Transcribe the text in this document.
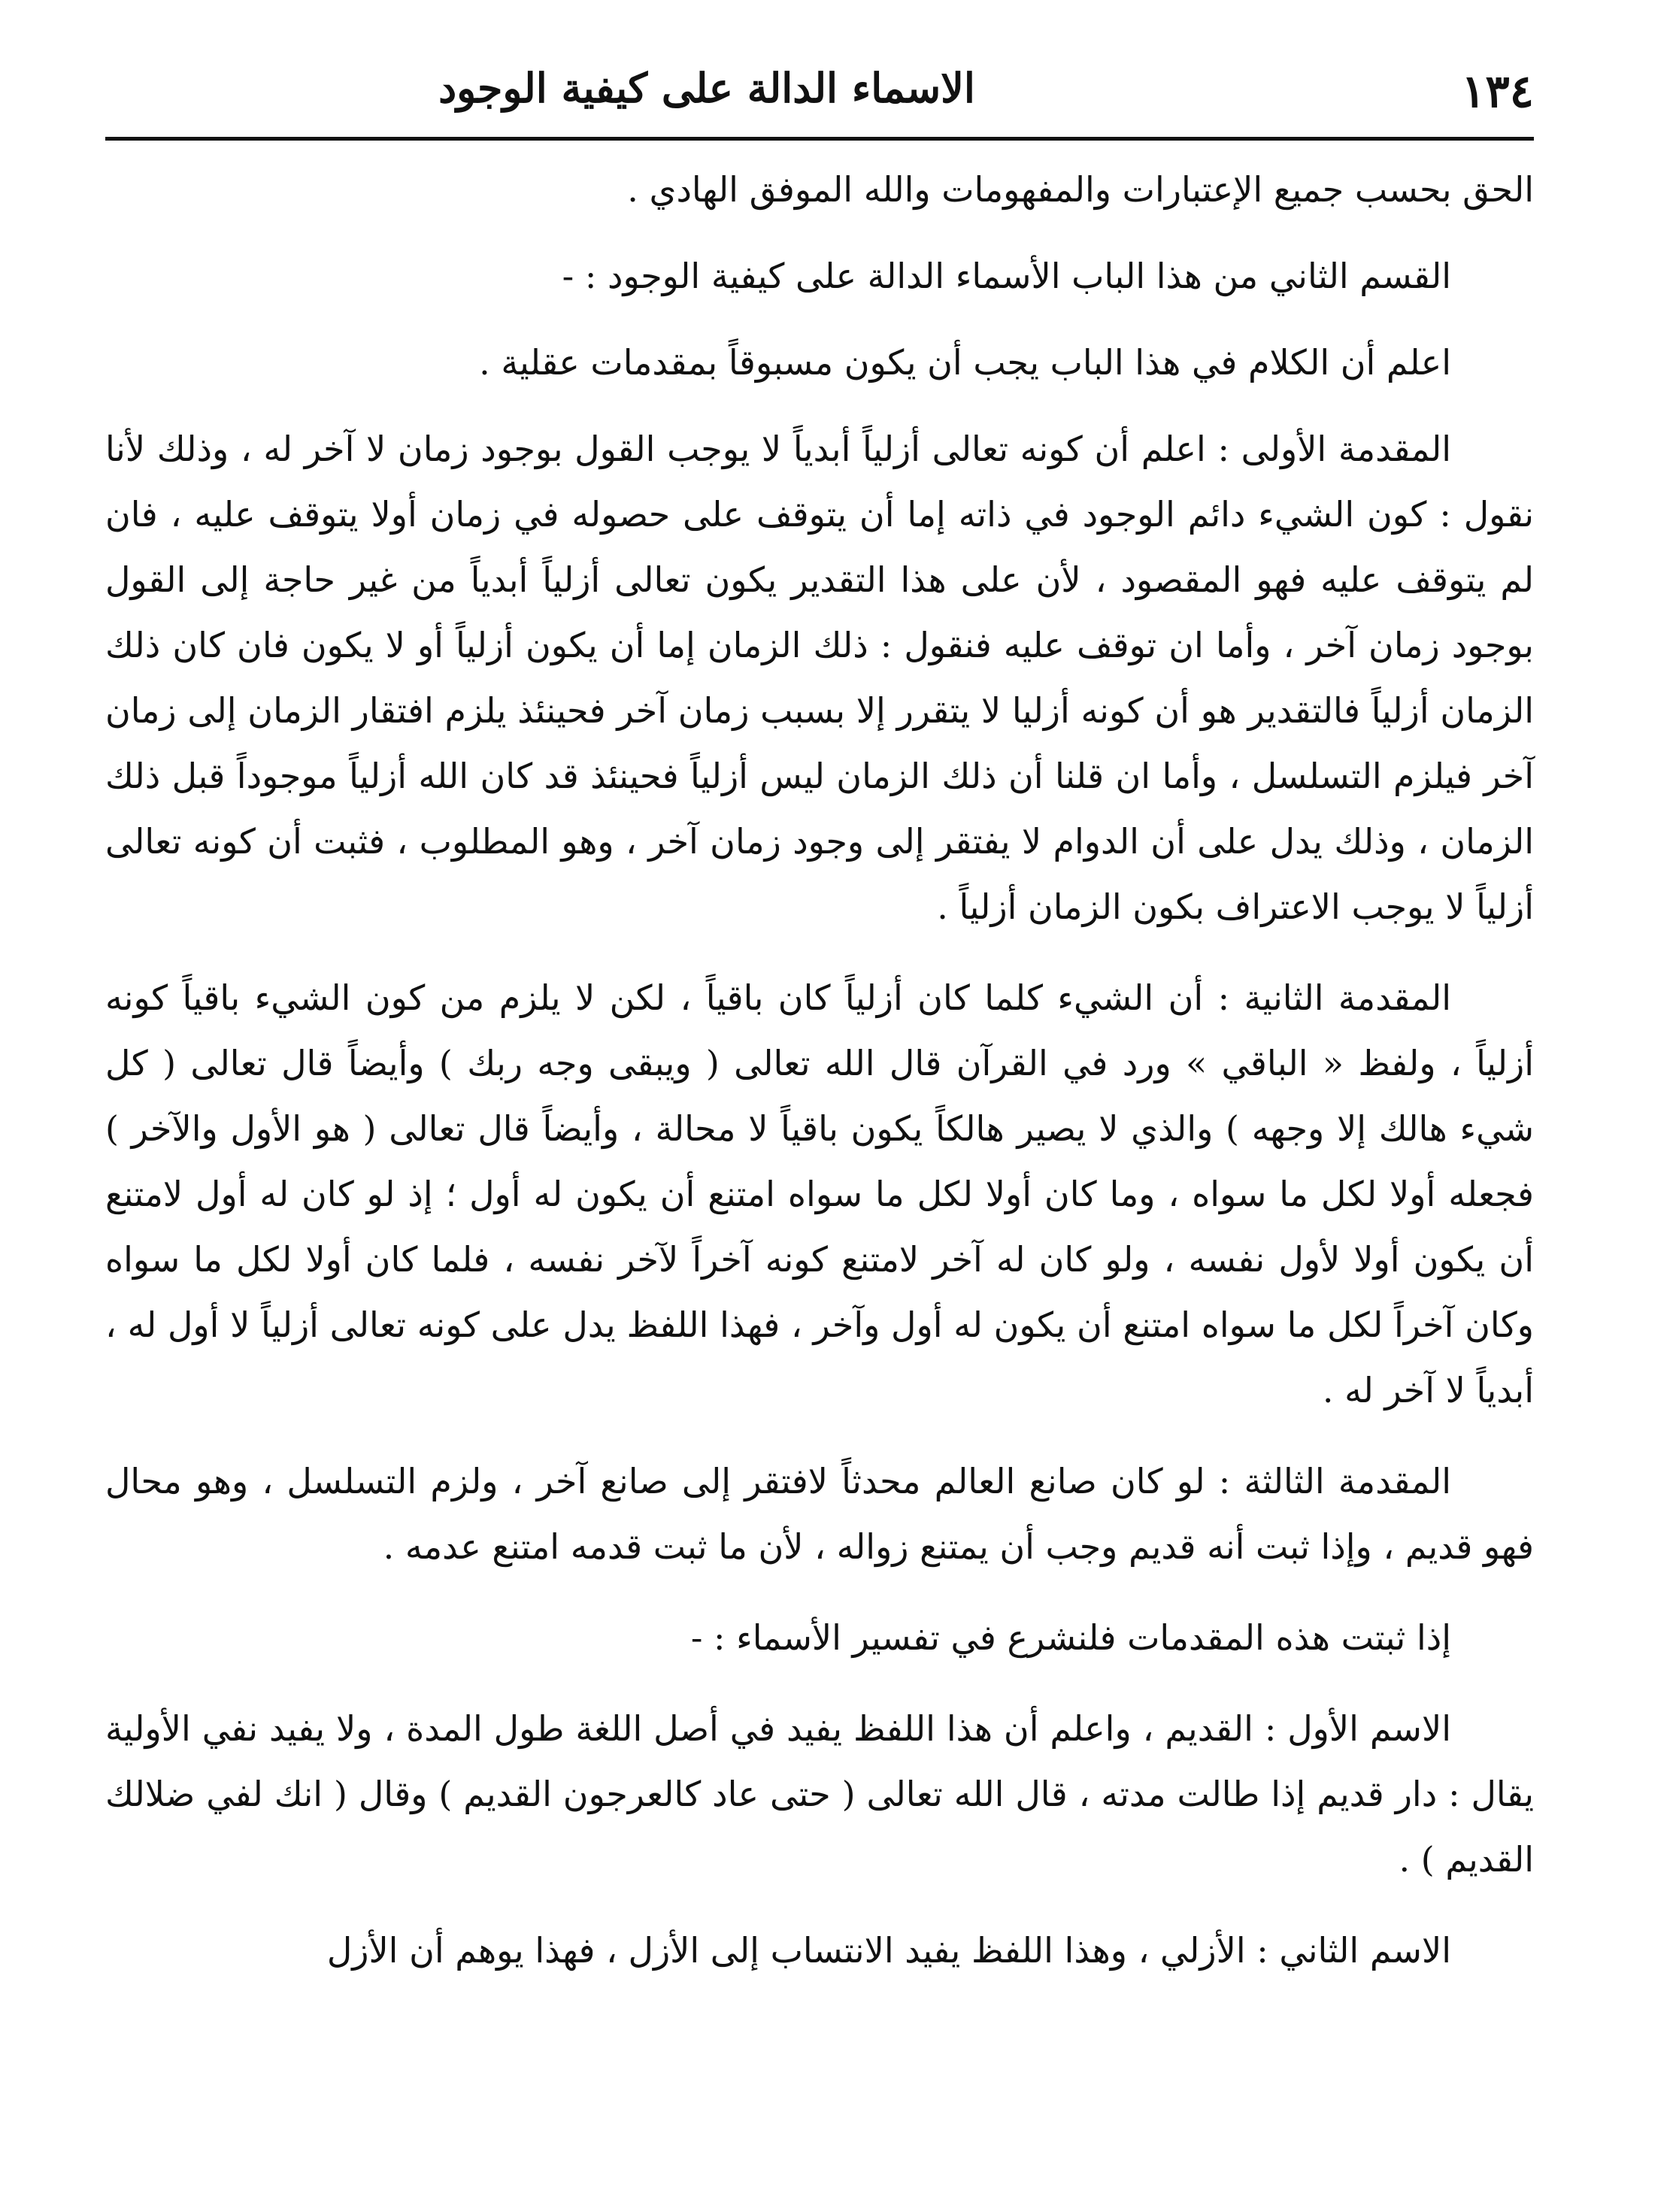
١٣٤
الاسماء الدالة على كيفية الوجود

الحق بحسب جميع الإعتبارات والمفهومات والله الموفق الهادي .

القسم الثاني من هذا الباب الأسماء الدالة على كيفية الوجود : -

اعلم أن الكلام في هذا الباب يجب أن يكون مسبوقاً بمقدمات عقلية .

المقدمة الأولى : اعلم أن كونه تعالى أزلياً أبدياً لا يوجب القول بوجود زمان لا آخر له ، وذلك لأنا نقول : كون الشيء دائم الوجود في ذاته إما أن يتوقف على حصوله في زمان أولا يتوقف عليه ، فان لم يتوقف عليه فهو المقصود ، لأن على هذا التقدير يكون تعالى أزلياً أبدياً من غير حاجة إلى القول بوجود زمان آخر ، وأما ان توقف عليه فنقول : ذلك الزمان إما أن يكون أزلياً أو لا يكون فان كان ذلك الزمان أزلياً فالتقدير هو أن كونه أزليا لا يتقرر إلا بسبب زمان آخر فحينئذ يلزم افتقار الزمان إلى زمان آخر فيلزم التسلسل ، وأما ان قلنا أن ذلك الزمان ليس أزلياً فحينئذ قد كان الله أزلياً موجوداً قبل ذلك الزمان ، وذلك يدل على أن الدوام لا يفتقر إلى وجود زمان آخر ، وهو المطلوب ، فثبت أن كونه تعالى أزلياً لا يوجب الاعتراف بكون الزمان أزلياً .

المقدمة الثانية : أن الشيء كلما كان أزلياً كان باقياً ، لكن لا يلزم من كون الشيء باقياً كونه أزلياً ، ولفظ « الباقي » ورد في القرآن قال الله تعالى ( ويبقى وجه ربك ) وأيضاً قال تعالى ( كل شيء هالك إلا وجهه ) والذي لا يصير هالكاً يكون باقياً لا محالة ، وأيضاً قال تعالى ( هو الأول والآخر ) فجعله أولا لكل ما سواه ، وما كان أولا لكل ما سواه امتنع أن يكون له أول ؛ إذ لو كان له أول لامتنع أن يكون أولا لأول نفسه ، ولو كان له آخر لامتنع كونه آخراً لآخر نفسه ، فلما كان أولا لكل ما سواه وكان آخراً لكل ما سواه امتنع أن يكون له أول وآخر ، فهذا اللفظ يدل على كونه تعالى أزلياً لا أول له ، أبدياً لا آخر له .

المقدمة الثالثة : لو كان صانع العالم محدثاً لافتقر إلى صانع آخر ، ولزم التسلسل ، وهو محال فهو قديم ، وإذا ثبت أنه قديم وجب أن يمتنع زواله ، لأن ما ثبت قدمه امتنع عدمه .

إذا ثبتت هذه المقدمات فلنشرع في تفسير الأسماء : -

الاسم الأول : القديم ، واعلم أن هذا اللفظ يفيد في أصل اللغة طول المدة ، ولا يفيد نفي الأولية يقال : دار قديم إذا طالت مدته ، قال الله تعالى ( حتى عاد كالعرجون القديم ) وقال ( انك لفي ضلالك القديم ) .

الاسم الثاني : الأزلي ، وهذا اللفظ يفيد الانتساب إلى الأزل ، فهذا يوهم أن الأزل
